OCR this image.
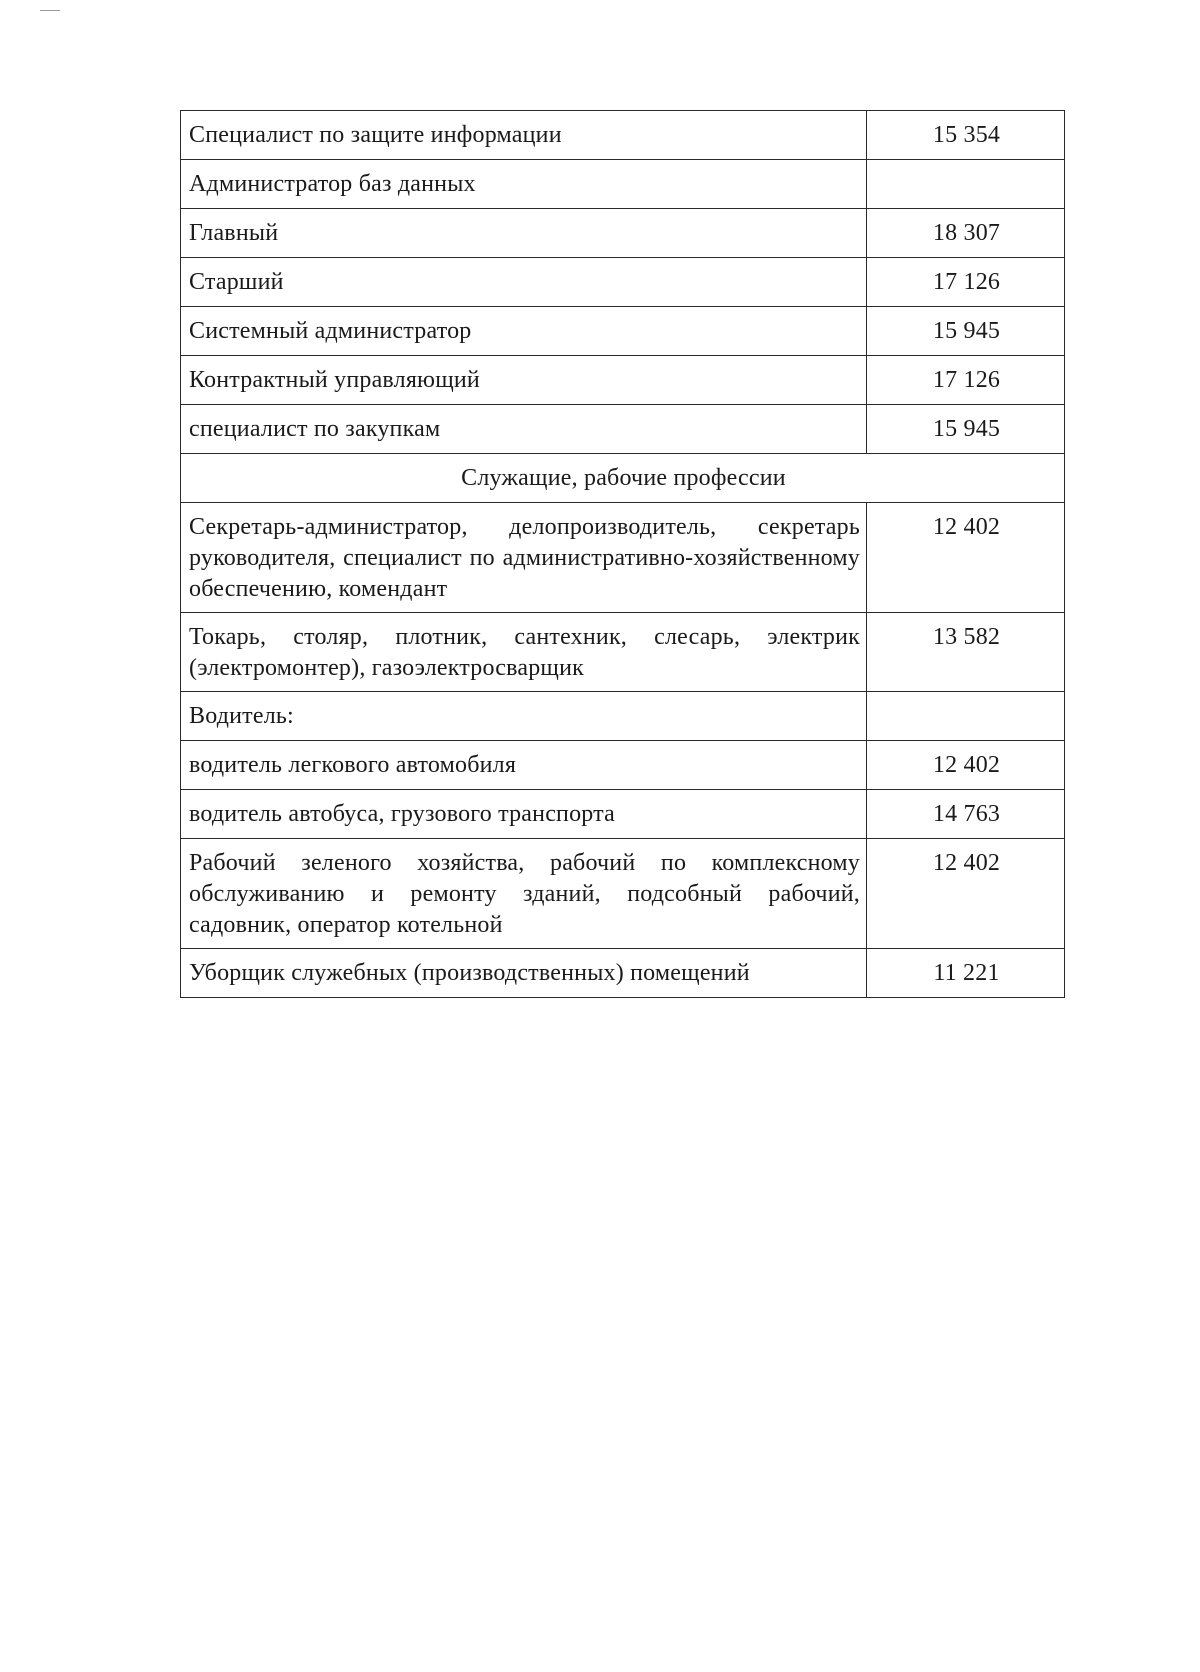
Специалист по защите информации	15 354
Администратор баз данных	
Главный	18 307
Старший	17 126
Системный администратор	15 945
Контрактный управляющий	17 126
специалист по закупкам	15 945
Служащие, рабочие профессии	
Секретарь-администратор, делопроизводитель, секретарь руководителя, специалист по административно-хозяйственному обеспечению, комендант	12 402
Токарь, столяр, плотник, сантехник, слесарь, электрик (электромонтер), газоэлектросварщик	13 582
Водитель:	
водитель легкового автомобиля	12 402
водитель автобуса, грузового транспорта	14 763
Рабочий зеленого хозяйства, рабочий по комплексному обслуживанию и ремонту зданий, подсобный рабочий, садовник, оператор котельной	12 402
Уборщик служебных (производственных) помещений	11 221
